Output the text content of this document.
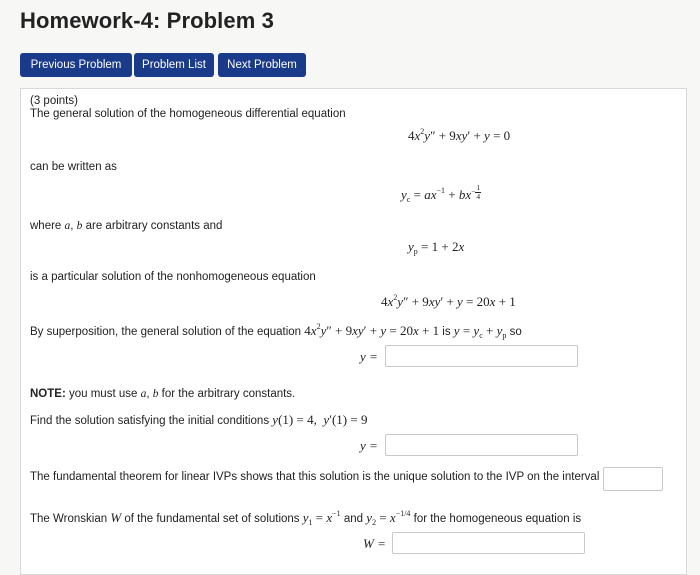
Homework-4: Problem 3
Previous Problem	Problem List	Next Problem
(3 points)
The general solution of the homogeneous differential equation
$4x^2y'' + 9xy' + y = 0$
can be written as
$y_c = ax^{-1} + bx- \frac{1}{4}$
where a, b are arbitrary constants and
$y_p = 1 + 2x$
is a particular solution of the nonhomogeneous equation
$4x^2y'' + 9xy' + y = 20x + 1$
By superposition, the general solution of the equation $4x^2y'' + 9xy' + y = 20x + 1$ is $y = y_c + y_p$ so
y =
NOTE: you must use a, b for the arbitrary constants.
Find the solution satisfying the initial conditions y(1) = 4,  y′(1) = 9
y =
The fundamental theorem for linear IVPs shows that this solution is the unique solution to the IVP on the interval
The Wronskian W of the fundamental set of solutions $y_1 = x^{-1}$ and $y_2 = x^{-1/4}$ for the homogeneous equation is
W =
